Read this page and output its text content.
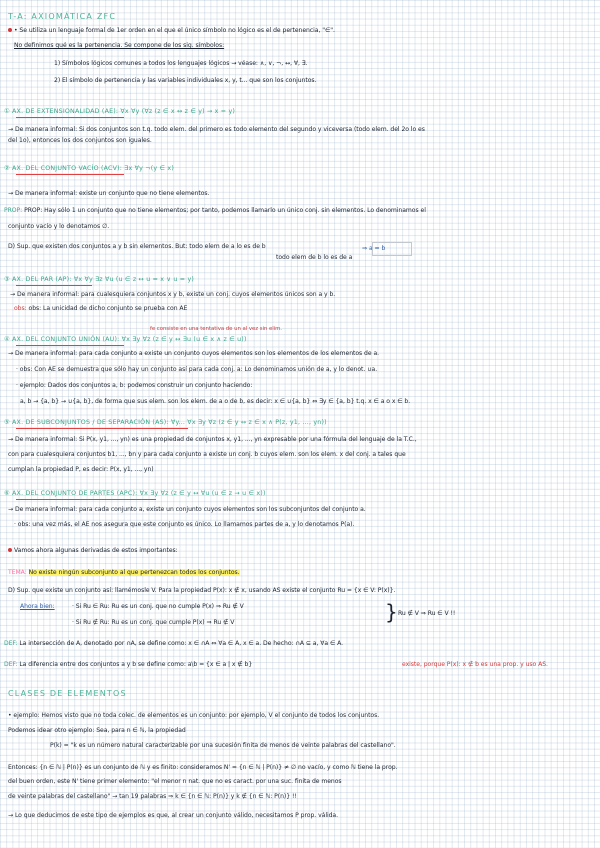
T-A: AXIOMÁTICA ZFC
• Se utiliza un lenguaje formal de 1er orden en el que el único símbolo no lógico es el de pertenencia, "∈".
No definimos qué es la pertenencia. Se compone de los sig. símbolos:
1) Símbolos lógicos comunes a todos los lenguajes lógicos → véase: ∧, ∨, ¬, ↔, ∀, ∃.
2) El símbolo de pertenencia y las variables individuales x, y, t... que son los conjuntos.
① AX. DE EXTENSIONALIDAD (AE): ∀x ∀y (∀z (z ∈ x ↔ z ∈ y) → x = y)
→ De manera informal: Si dos conjuntos son t.q. todo elem. del primero es todo elemento del segundo y viceversa (todo elem. del 2o lo es
del 1o), entonces los dos conjuntos son iguales.
② AX. DEL CONJUNTO VACÍO (ACV): ∃x ∀y ¬(y ∈ x)
→ De manera informal: existe un conjunto que no tiene elementos.
PROP: PROP: Hay sólo 1 un conjunto que no tiene elementos; por tanto, podemos llamarlo un único conj. sin elementos. Lo denominamos el
conjunto vacío y lo denotamos ∅.
D) Sup. que existen dos conjuntos a y b sin elementos. But: todo elem de a lo es de b
todo elem de b lo es de a
⇒ a = b
③ AX. DEL PAR (AP): ∀x ∀y ∃z ∀u (u ∈ z ↔ u = x ∨ u = y)
→ De manera informal: para cualesquiera conjuntos x y b, existe un conj. cuyos elementos únicos son a y b.
obs: obs: La unicidad de dicho conjunto se prueba con AE
fe consiste en una tentativa de un al vez sin elim.
④ AX. DEL CONJUNTO UNIÓN (AU): ∀x ∃y ∀z (z ∈ y ↔ ∃u (u ∈ x ∧ z ∈ u))
→ De manera informal: para cada conjunto a existe un conjunto cuyos elementos son los elementos de los elementos de a.
· obs: Con AE se demuestra que sólo hay un conjunto así para cada conj. a: Lo denominamos unión de a, y lo denot. ∪a.
· ejemplo: Dados dos conjuntos a, b: podemos construir un conjunto haciendo:
a, b → {a, b} → ∪{a, b}, de forma que sus elem. son los elem. de a o de b, es decir: x ∈ ∪{a, b} ⇔ ∃y ∈ {a, b} t.q. x ∈ a o x ∈ b.
⑤ AX. DE SUBCONJUNTOS / DE SEPARACIÓN (AS): ∀y... ∀x ∃y ∀z (z ∈ y ↔ z ∈ x ∧ P(z, y1, ..., yn))
→ De manera informal: Si P(x, y1, ..., yn) es una propiedad de conjuntos x, y1, ..., yn expresable por una fórmula del lenguaje de la T.C.,
con para cualesquiera conjuntos b1, ..., bn y para cada conjunto a existe un conj. b cuyos elem. son los elem. x del conj. a tales que
cumplan la propiedad P, es decir: P(x, y1, ..., yn)
⑥ AX. DEL CONJUNTO DE PARTES (APC): ∀x ∃y ∀z (z ∈ y ↔ ∀u (u ∈ z → u ∈ x))
→ De manera informal: para cada conjunto a, existe un conjunto cuyos elementos son los subconjuntos del conjunto a.
· obs: una vez más, el AE nos asegura que este conjunto es único. Lo llamamos partes de a, y lo denotamos P(a).
Vamos ahora algunas derivadas de estos importantes:
TEMA: No existe ningún subconjunto al que pertenezcan todos los conjuntos.
D) Sup. que existe un conjunto así: llamémosle V. Para la propiedad P(x): x ∉ x, usando AS existe el conjunto Ru = {x ∈ V: P(x)}.
Ahora bien:	· Si Ru ∈ Ru: Ru es un conj. que no cumple P(x) ⇒ Ru ∉ V
· Si Ru ∉ Ru: Ru es un conj. que cumple P(x) ⇒ Ru ∉ V	} Ru ∉ V ⇒ Ru ∈ V !!
DEF: La intersección de A, denotado por ∩A, se define como: x ∈ ∩A ⇔ ∀a ∈ A, x ∈ a. De hecho: ∩A ⊆ a, ∀a ∈ A.
DEF: La diferencia entre dos conjuntos a y b se define como: a\b = {x ∈ a | x ∉ b}	existe, porque P(x): x ∉ b es una prop. y uso AS.
CLASES DE ELEMENTOS
• ejemplo: Hemos visto que no toda colec. de elementos es un conjunto: por ejemplo, V el conjunto de todos los conjuntos.
Podemos idear otro ejemplo: Sea, para n ∈ ℕ, la propiedad
P(k) = "k es un número natural caracterizable por una sucesión finita de menos de veinte palabras del castellano".
Entonces: {n ∈ ℕ | P(n)} es un conjunto de ℕ y es finito: consideramos N' = {n ∈ ℕ | P(n)} ≠ ∅ no vacío, y como ℕ tiene la prop.
del buen orden, este N' tiene primer elemento: "el menor n nat. que no es caract. por una suc. finita de menos
de veinte palabras del castellano" → tan 19 palabras ⇒ k ∈ {n ∈ ℕ: P(n)} y k ∉ {n ∈ ℕ: P(n)} !!
→ Lo que deducimos de este tipo de ejemplos es que, al crear un conjunto válido, necesitamos P prop. válida.
